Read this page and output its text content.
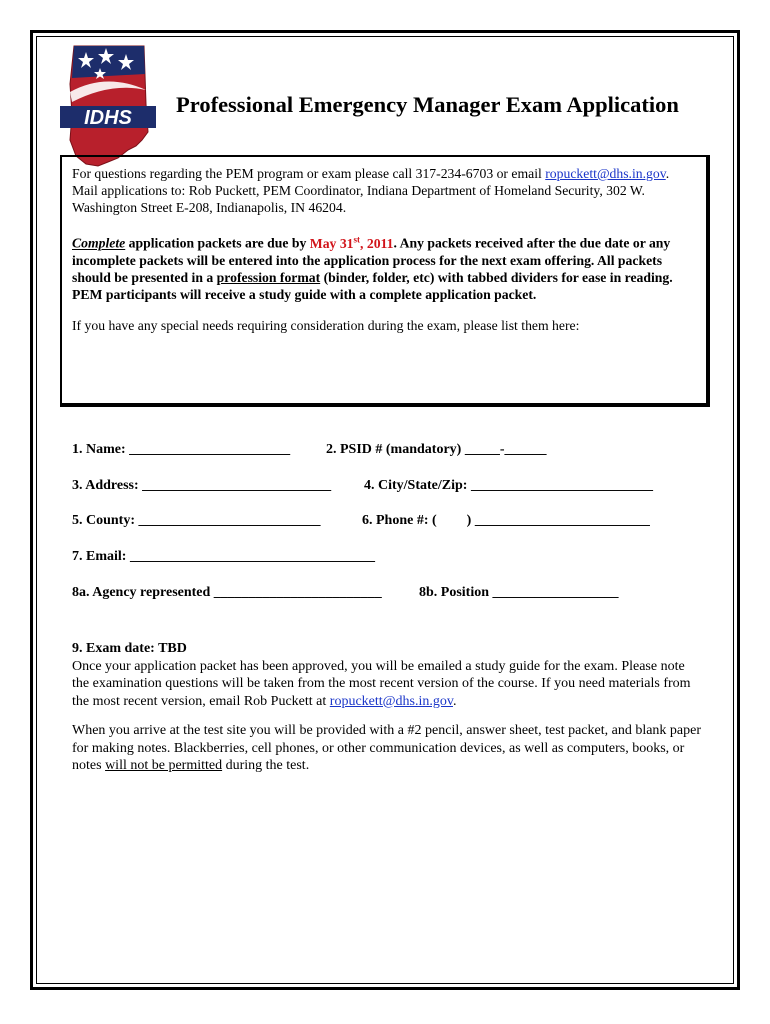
IDHS
Professional Emergency Manager Exam Application

For questions regarding the PEM program or exam please call 317-234-6703 or email ropuckett@dhs.in.gov.
Mail applications to: Rob Puckett, PEM Coordinator, Indiana Department of Homeland Security, 302 W. Washington Street E-208, Indianapolis, IN 46204.

Complete application packets are due by May 31st, 2011. Any packets received after the due date or any incomplete packets will be entered into the application process for the next exam offering. All packets should be presented in a profession format (binder, folder, etc) with tabbed dividers for ease in reading. PEM participants will receive a study guide with a complete application packet.

If you have any special needs requiring consideration during the exam, please list them here:

1. Name: _______________________	2. PSID # (mandatory) _____-______
3. Address: ___________________________ 4. City/State/Zip: __________________________
5. County: __________________________	6. Phone #: ( ) _________________________
7. Email: ___________________________________
8a. Agency represented ________________________	8b. Position __________________

9. Exam date: TBD

Once your application packet has been approved, you will be emailed a study guide for the exam. Please note the examination questions will be taken from the most recent version of the course. If you need materials from the most recent version, email Rob Puckett at ropuckett@dhs.in.gov.

When you arrive at the test site you will be provided with a #2 pencil, answer sheet, test packet, and blank paper for making notes. Blackberries, cell phones, or other communication devices, as well as computers, books, or notes will not be permitted during the test.
